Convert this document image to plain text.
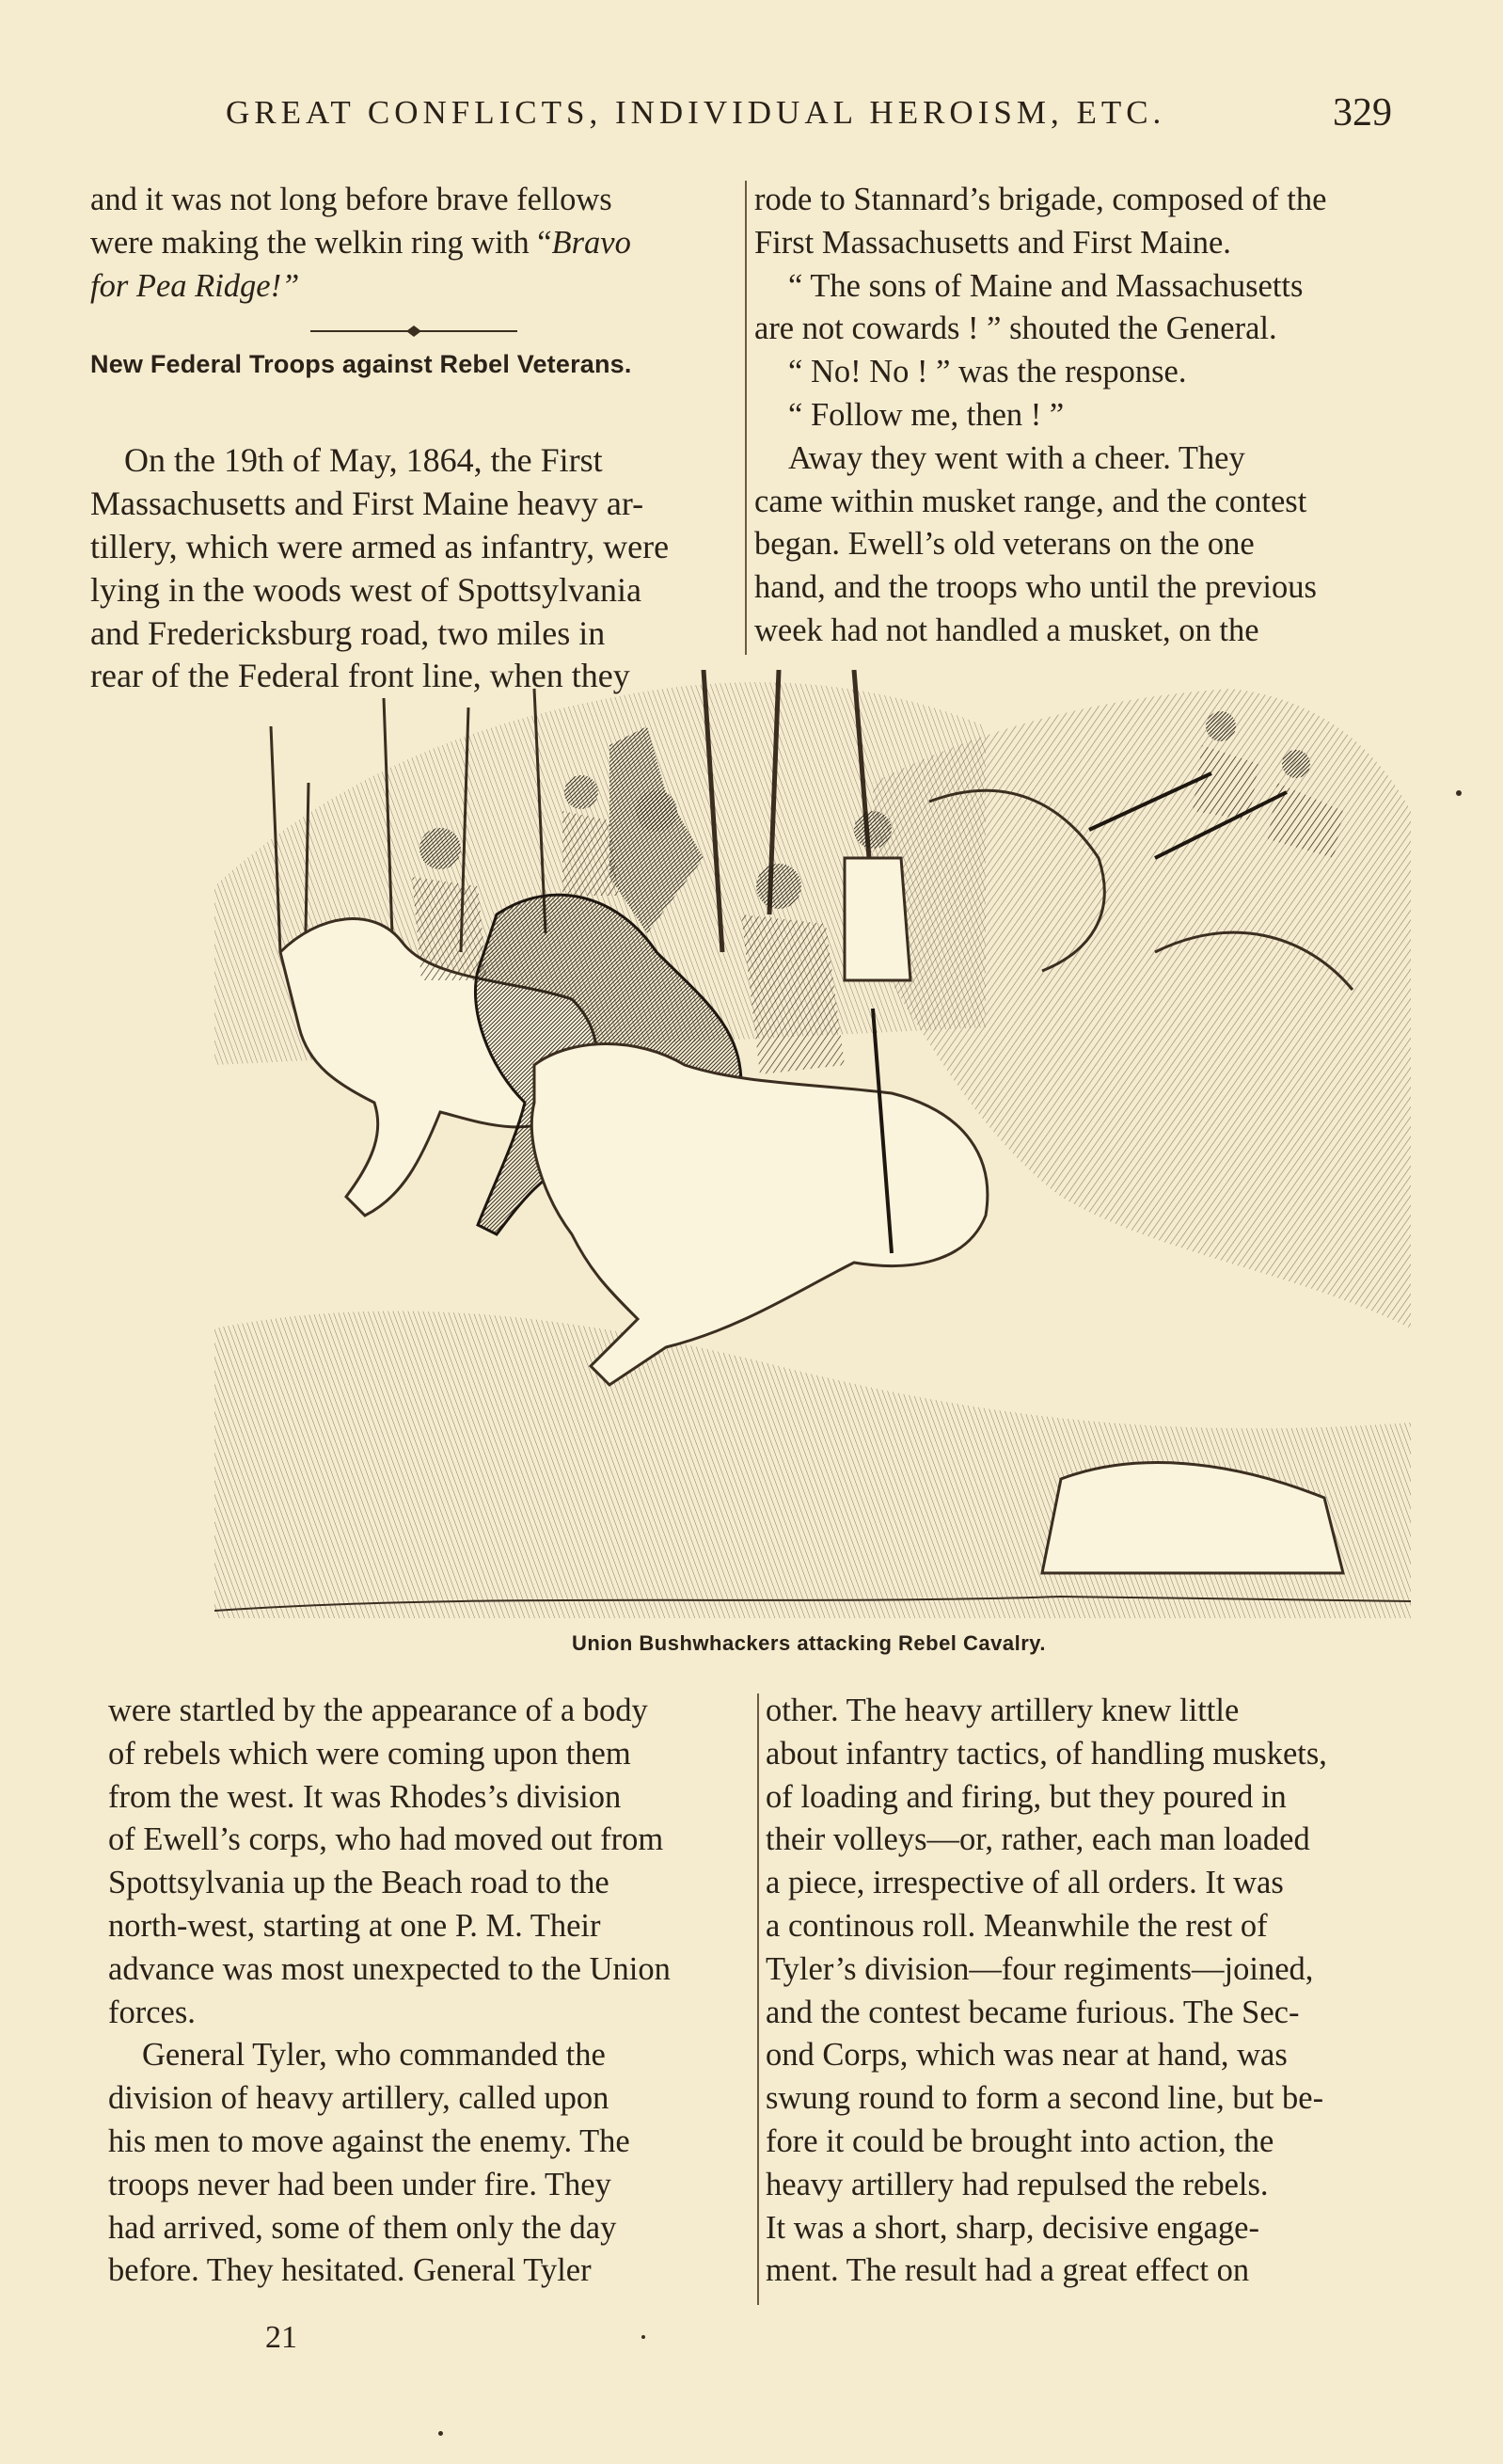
GREAT CONFLICTS, INDIVIDUAL HEROISM, ETC.	329

and it was not long before brave fellows
were making the welkin ring with “Bravo
for Pea Ridge!”

On the 19th of May, 1864, the First
Massachusetts and First Maine heavy ar-
tillery, which were armed as infantry, were
lying in the woods west of Spottsylvania
and Fredericksburg road, two miles in
rear of the Federal front line, when they

New Federal Troops against Rebel Veterans.

rode to Stannard’s brigade, composed of the
First Massachusetts and First Maine.
“ The sons of Maine and Massachusetts
are not cowards ! ” shouted the General.
“ No! No ! ” was the response.
“ Follow me, then ! ”
Away they went with a cheer. They
came within musket range, and the contest
began. Ewell’s old veterans on the one
hand, and the troops who until the previous
week had not handled a musket, on the

Union Bushwhackers attacking Rebel Cavalry.

were startled by the appearance of a body
of rebels which were coming upon them
from the west. It was Rhodes’s division
of Ewell’s corps, who had moved out from
Spottsylvania up the Beach road to the
north-west, starting at one P. M. Their
advance was most unexpected to the Union
forces.
General Tyler, who commanded the
division of heavy artillery, called upon
his men to move against the enemy. The
troops never had been under fire. They
had arrived, some of them only the day
before. They hesitated. General Tyler

other. The heavy artillery knew little
about infantry tactics, of handling muskets,
of loading and firing, but they poured in
their volleys—or, rather, each man loaded
a piece, irrespective of all orders. It was
a continous roll. Meanwhile the rest of
Tyler’s division—four regiments—joined,
and the contest became furious. The Sec-
ond Corps, which was near at hand, was
swung round to form a second line, but be-
fore it could be brought into action, the
heavy artillery had repulsed the rebels.
It was a short, sharp, decisive engage-
ment. The result had a great effect on

21
